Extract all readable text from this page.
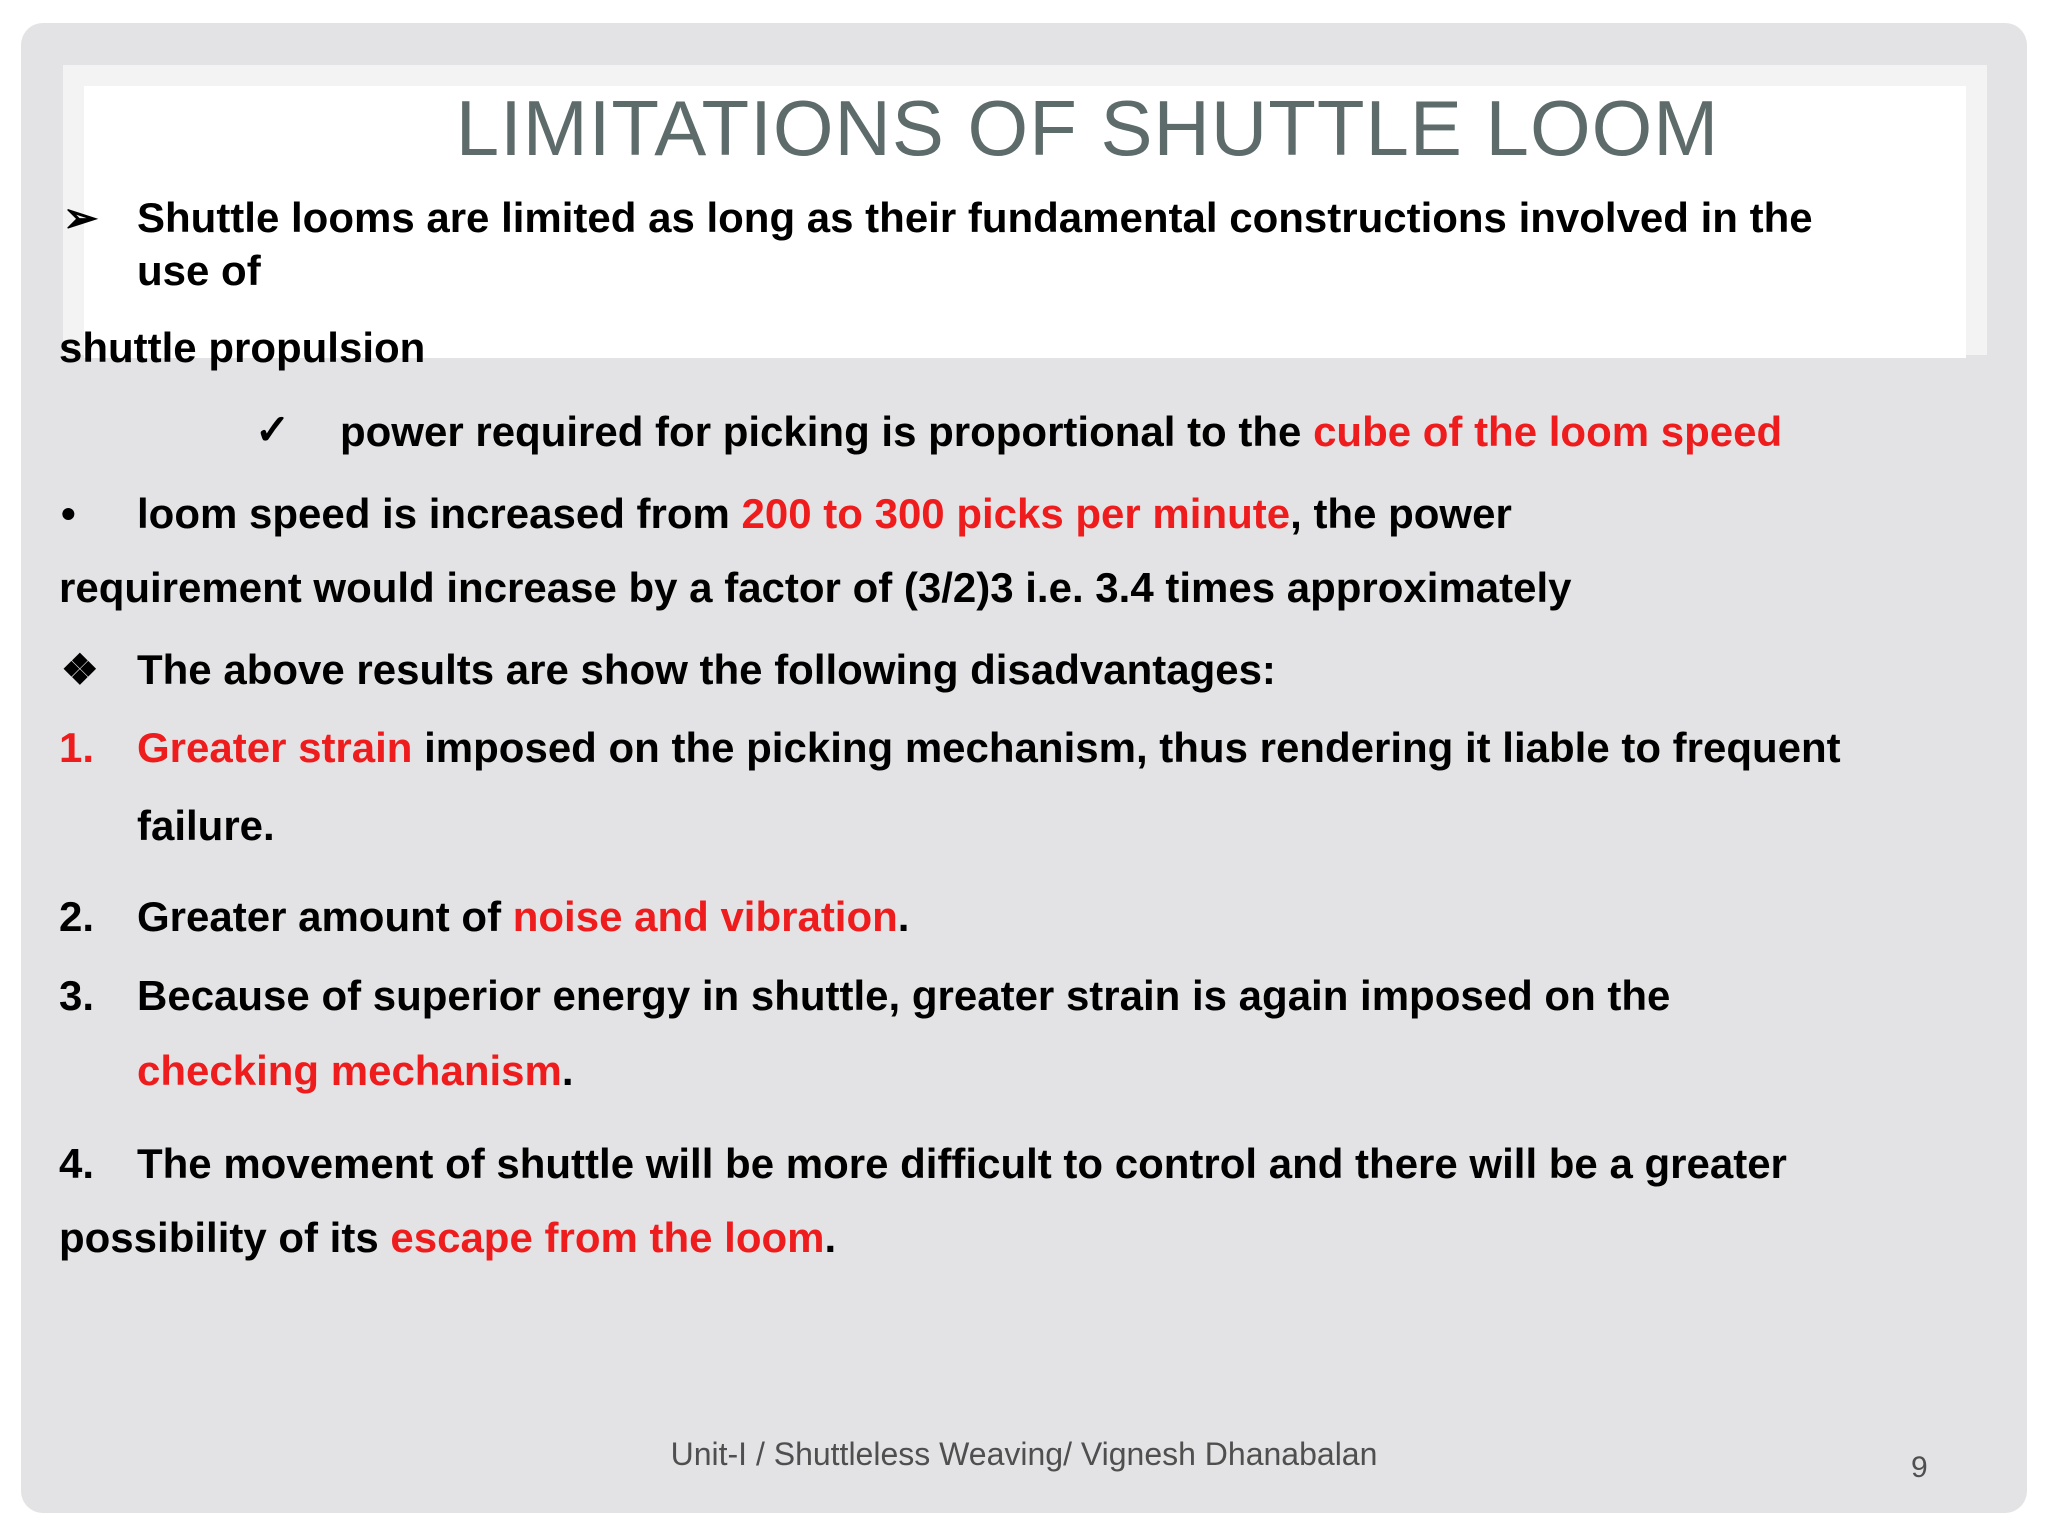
LIMITATIONS OF SHUTTLE LOOM
➢ Shuttle looms are limited as long as their fundamental constructions involved in the
use of
shuttle propulsion
✓ power required for picking is proportional to the cube of the loom speed
• loom speed is increased from 200 to 300 picks per minute, the power
requirement would increase by a factor of (3/2)3 i.e. 3.4 times approximately
❖ The above results are show the following disadvantages:
1. Greater strain imposed on the picking mechanism, thus rendering it liable to frequent
failure.
2. Greater amount of noise and vibration.
3. Because of superior energy in shuttle, greater strain is again imposed on the
checking mechanism.
4. The movement of shuttle will be more difficult to control and there will be a greater
possibility of its escape from the loom.
Unit-I / Shuttleless Weaving/ Vignesh Dhanabalan	9
